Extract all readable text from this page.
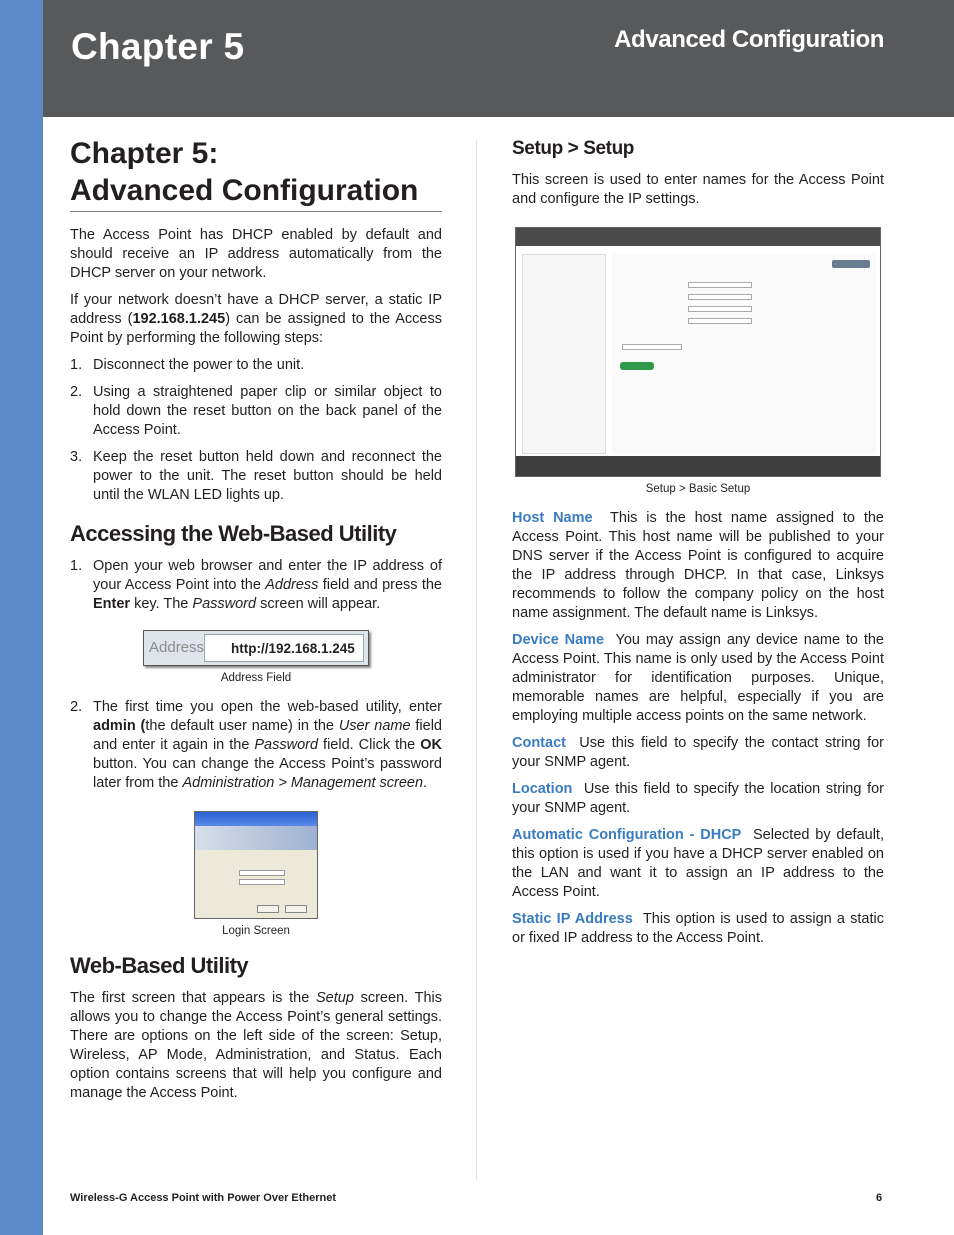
Chapter 5	Advanced Configuration
Chapter 5:
Advanced Configuration

The Access Point has DHCP enabled by default and should receive an IP address automatically from the DHCP server on your network.

If your network doesn’t have a DHCP server, a static IP address (192.168.1.245) can be assigned to the Access Point by performing the following steps:

1. Disconnect the power to the unit.
2. Using a straightened paper clip or similar object to hold down the reset button on the back panel of the Access Point.
3. Keep the reset button held down and reconnect the power to the unit. The reset button should be held until the WLAN LED lights up.
Accessing the Web-Based Utility
1. Open your web browser and enter the IP address of your Access Point into the Address field and press the Enter key. The Password screen will appear.
Address	http://192.168.1.245
Address Field
2. The first time you open the web-based utility, enter admin (the default user name) in the User name field and enter it again in the Password field. Click the OK button. You can change the Access Point’s password later from the Administration > Management screen.
Login Screen
Web-Based Utility

The first screen that appears is the Setup screen. This allows you to change the Access Point’s general settings. There are options on the left side of the screen: Setup, Wireless, AP Mode, Administration, and Status. Each option contains screens that will help you configure and manage the Access Point.

Setup > Setup

This screen is used to enter names for the Access Point and configure the IP settings.

Setup > Basic Setup

Host Name This is the host name assigned to the Access Point. This host name will be published to your DNS server if the Access Point is configured to acquire the IP address through DHCP. In that case, Linksys recommends to follow the company policy on the host name assignment. The default name is Linksys.

Device Name You may assign any device name to the Access Point. This name is only used by the Access Point administrator for identification purposes. Unique, memorable names are helpful, especially if you are employing multiple access points on the same network.

Contact Use this field to specify the contact string for your SNMP agent.

Location Use this field to specify the location string for your SNMP agent.

Automatic Configuration - DHCP Selected by default, this option is used if you have a DHCP server enabled on the LAN and want it to assign an IP address to the Access Point.

Static IP Address This option is used to assign a static or fixed IP address to the Access Point.

Wireless-G Access Point with Power Over Ethernet	6
